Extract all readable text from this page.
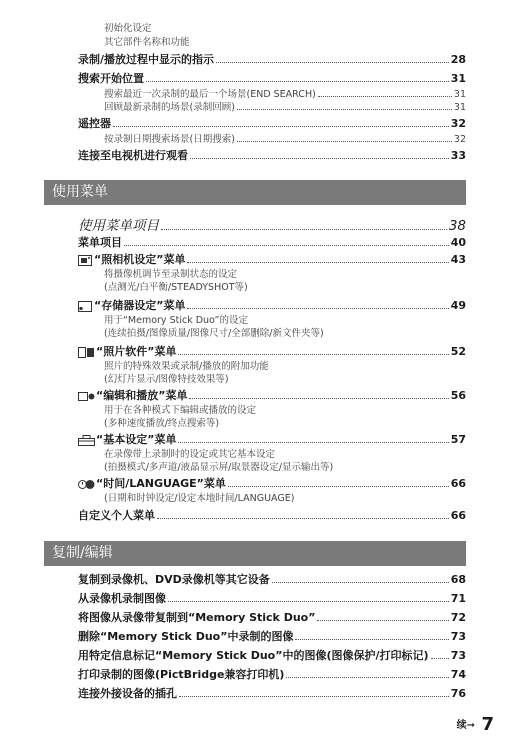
初始化设定
其它部件名称和功能
录制/播放过程中显示的指示	28
搜索开始位置	31
搜索最近一次录制的最后一个场景(END SEARCH)	31
回顾最新录制的场景(录制回顾)	31
遥控器	32
按录制日期搜索场景(日期搜索)	32
连接至电视机进行观看	33
使用菜单
使用菜单项目	38
菜单项目	40
“照相机设定”菜单	43
将摄像机调节至录制状态的设定
(点测光/白平衡/STEADYSHOT等)
“存储器设定”菜单	49
用于“Memory Stick Duo”的设定
(连续拍摄/图像质量/图像尺寸/全部删除/新文件夹等)
“照片软件”菜单	52
照片的特殊效果或录制/播放的附加功能
(幻灯片显示/图像特技效果等)
“编辑和播放”菜单	56
用于在各种模式下编辑或播放的设定
(多种速度播放/终点搜索等)
“基本设定”菜单	57
在录像带上录制时的设定或其它基本设定
(拍摄模式/多声道/液晶显示屏/取景器设定/显示输出等)
“时间/LANGUAGE”菜单	66
(日期和时钟设定/设定本地时间/LANGUAGE)
自定义个人菜单	66
复制/编辑
复制到录像机、DVD录像机等其它设备	68
从录像机录制图像	71
将图像从录像带复制到“Memory Stick Duo”	72
删除“Memory Stick Duo”中录制的图像	73
用特定信息标记“Memory Stick Duo”中的图像(图像保护/打印标记) 73
打印录制的图像(PictBridge兼容打印机)	74
连接外接设备的插孔	76
续➞ 7
